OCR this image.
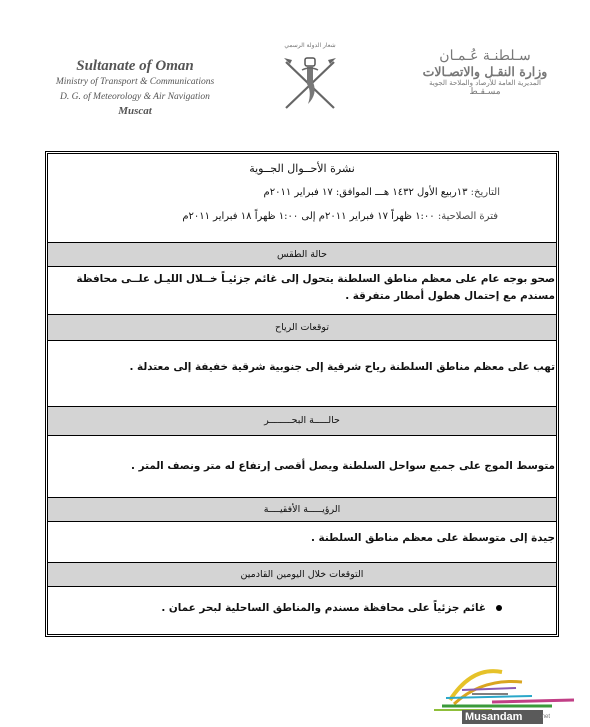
Sultanate of Oman
Ministry of Transport & Communications
D. G. of Meteorology & Air Navigation
Muscat
شعار الدولة الرسمي
سـلطنـة عُـمـان
وزارة النقـل والاتصـالات
المديرية العامة للأرصاد والملاحة الجوية
مسـقـط
نشرة الأحــوال الجــوية
التاريخ: ١٣ربيع الأول ١٤٣٢ هـــ الموافق: ١٧ فبراير ٢٠١١م
فترة الصلاحية: ١:٠٠ ظهراً ١٧ فبراير ٢٠١١م إلى ١:٠٠ ظهراً ١٨ فبراير ٢٠١١م
حالة الطقس
صحو بوجه عام على معظم مناطق السلطنة يتحول إلى غائم جزئيـاً خــلال الليـل علــى محافظة مسندم مع إحتمال هطول أمطار متفرقة .
توقعات الرياح
تهب على معظم مناطق السلطنة رياح شرقية إلى جنوبية شرقية خفيفة إلى معتدلة .
حالـــــة البحــــــــر
متوسط الموج على جميع سواحل السلطنة ويصل أقصى إرتفاع له متر ونصف المتر .
الرؤيـــــة الأفقيــــة
جيدة إلى متوسطة على معظم مناطق السلطنة .
التوقعات خلال اليومين القادمين
غائم جزئياً على محافظة مسندم والمناطق الساحلية لبحر عمان .
Musandam	.net
